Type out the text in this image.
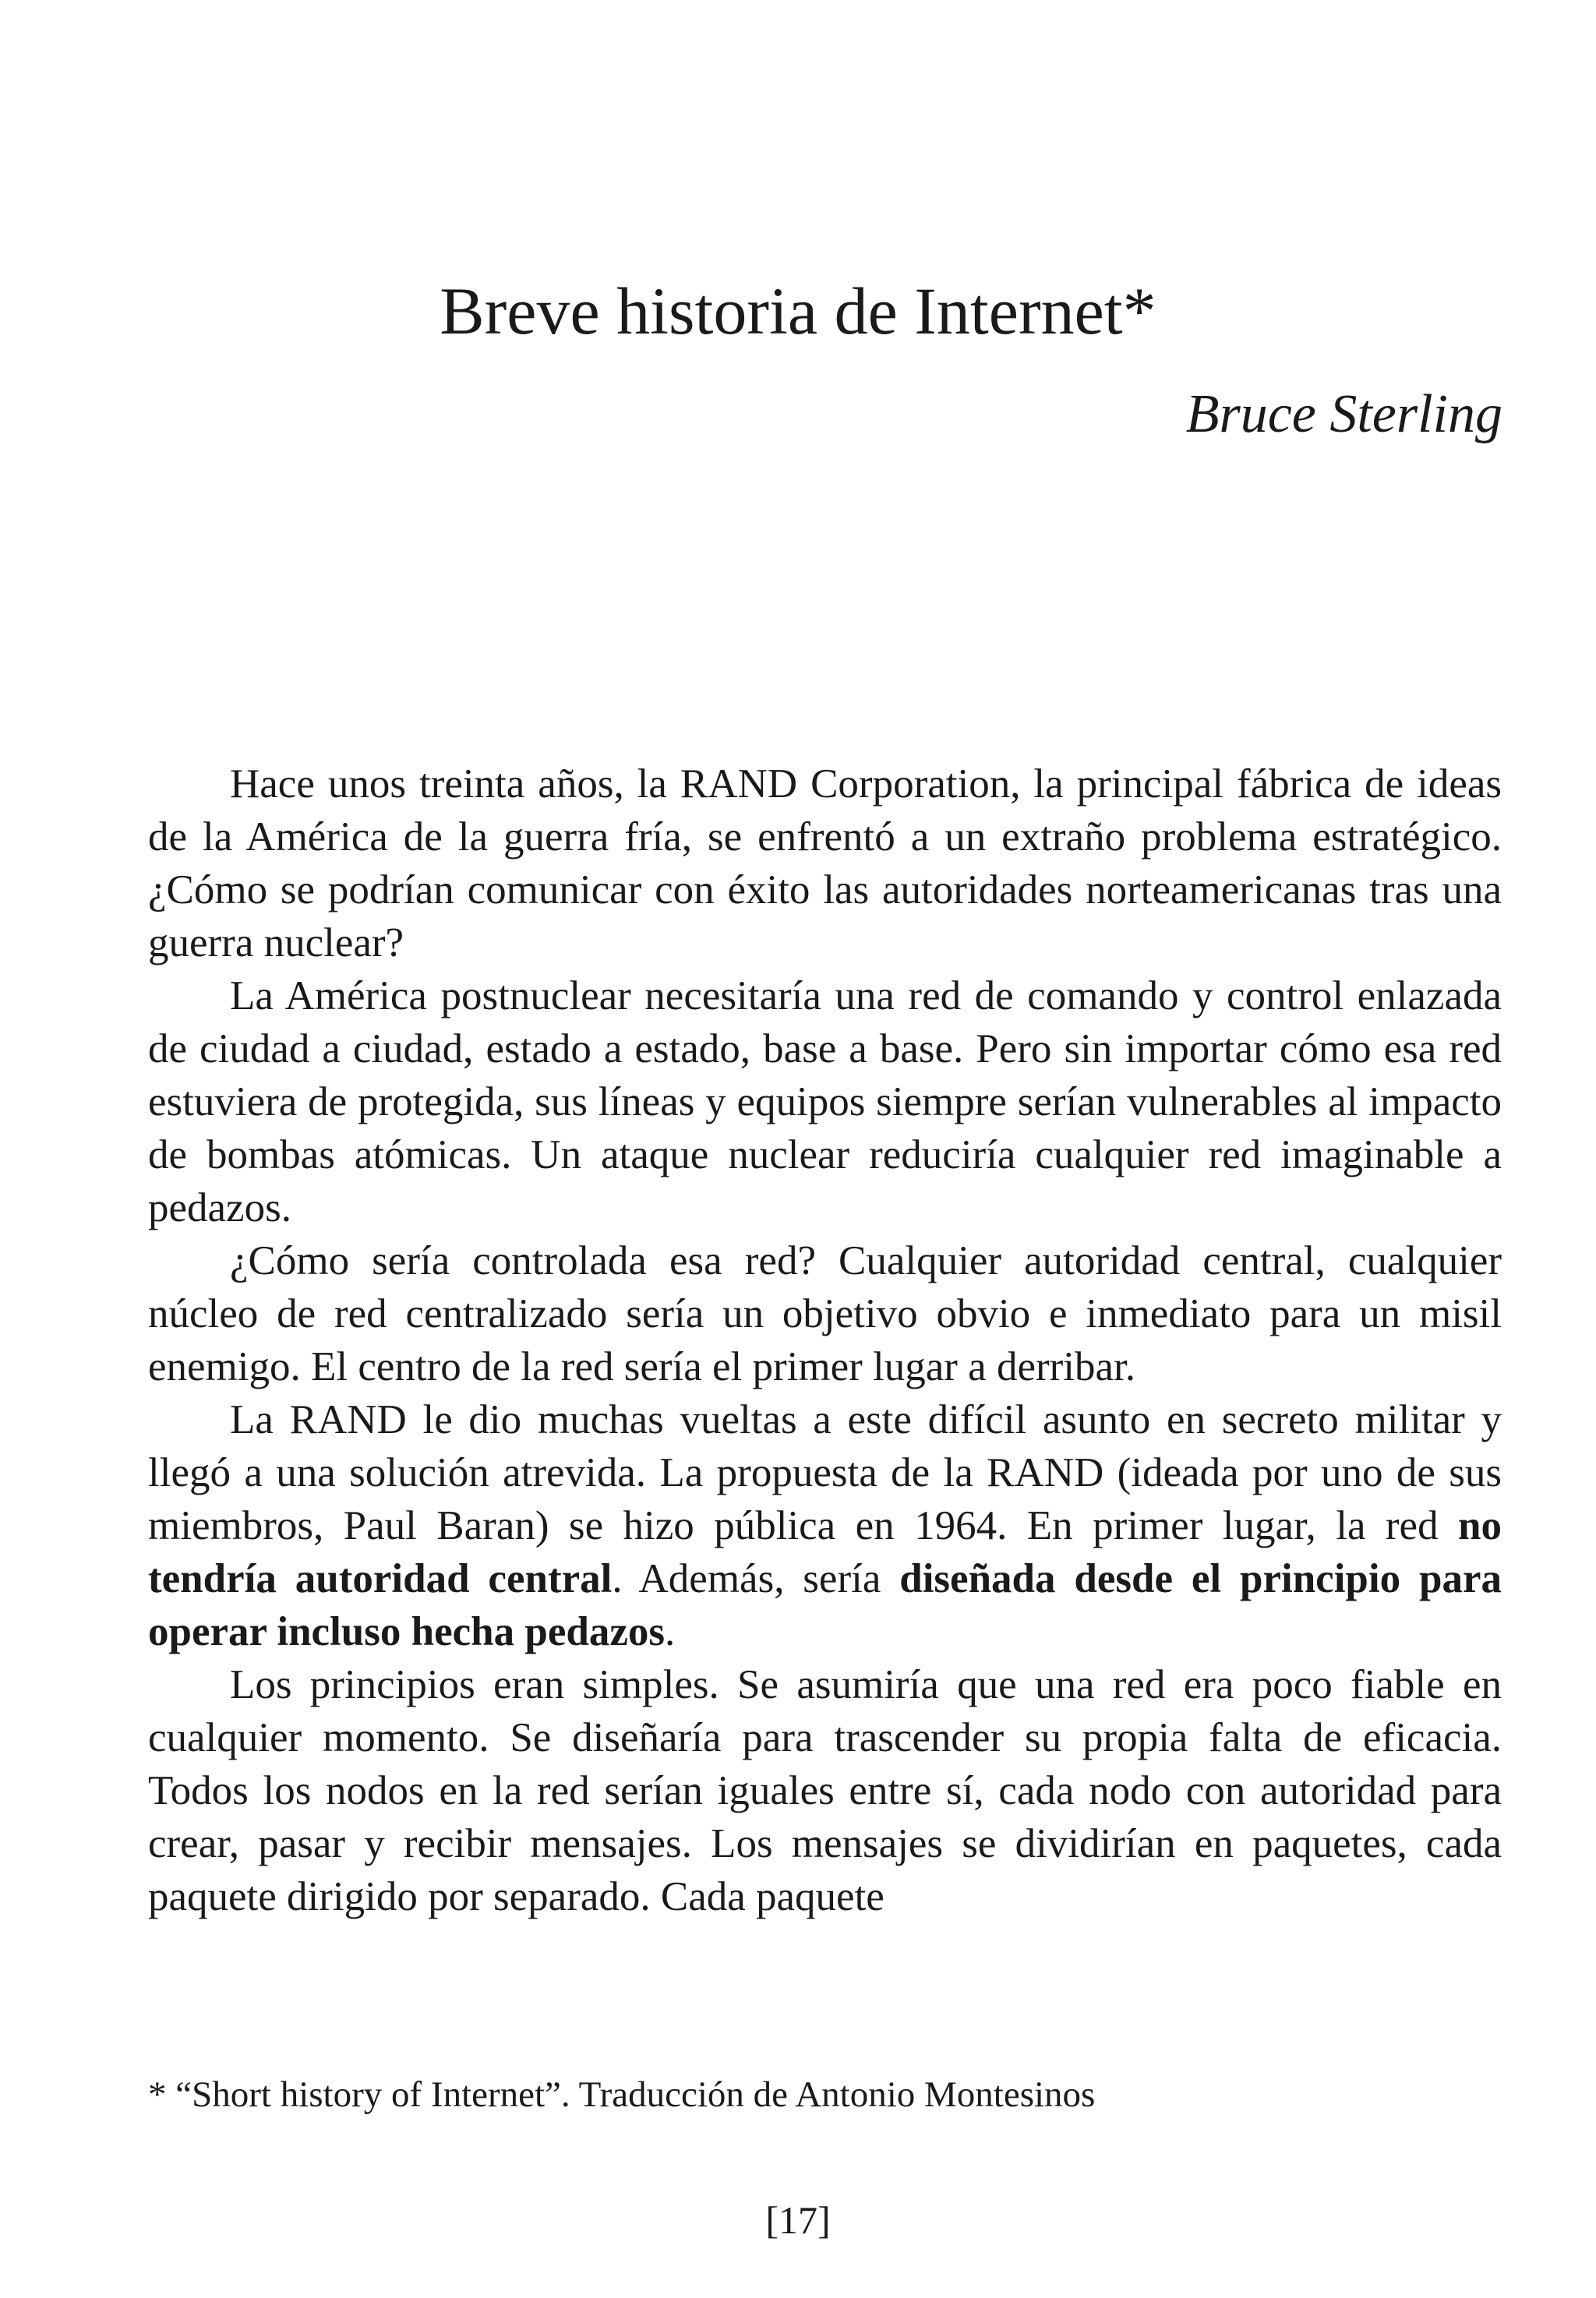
Breve historia de Internet*
Bruce Sterling

Hace unos treinta años, la RAND Corporation, la principal fábrica de ideas de la América de la guerra fría, se enfrentó a un extraño problema estratégico. ¿Cómo se podrían comunicar con éxito las autoridades norteamericanas tras una guerra nuclear?

La América postnuclear necesitaría una red de comando y control enlazada de ciudad a ciudad, estado a estado, base a base. Pero sin importar cómo esa red estuviera de protegida, sus líneas y equipos siempre serían vulnerables al impacto de bombas atómicas. Un ataque nuclear reduciría cualquier red imaginable a pedazos.

¿Cómo sería controlada esa red? Cualquier autoridad central, cualquier núcleo de red centralizado sería un objetivo obvio e inmediato para un misil enemigo. El centro de la red sería el primer lugar a derribar.

La RAND le dio muchas vueltas a este difícil asunto en secreto militar y llegó a una solución atrevida. La propuesta de la RAND (ideada por uno de sus miembros, Paul Baran) se hizo pública en 1964. En primer lugar, la red no tendría autoridad central. Además, sería diseñada desde el principio para operar incluso hecha pedazos.

Los principios eran simples. Se asumiría que una red era poco fiable en cualquier momento. Se diseñaría para trascender su propia falta de eficacia. Todos los nodos en la red serían iguales entre sí, cada nodo con autoridad para crear, pasar y recibir mensajes. Los mensajes se dividirían en paquetes, cada paquete dirigido por separado. Cada paquete

* “Short history of Internet”. Traducción de Antonio Montesinos
[17]
